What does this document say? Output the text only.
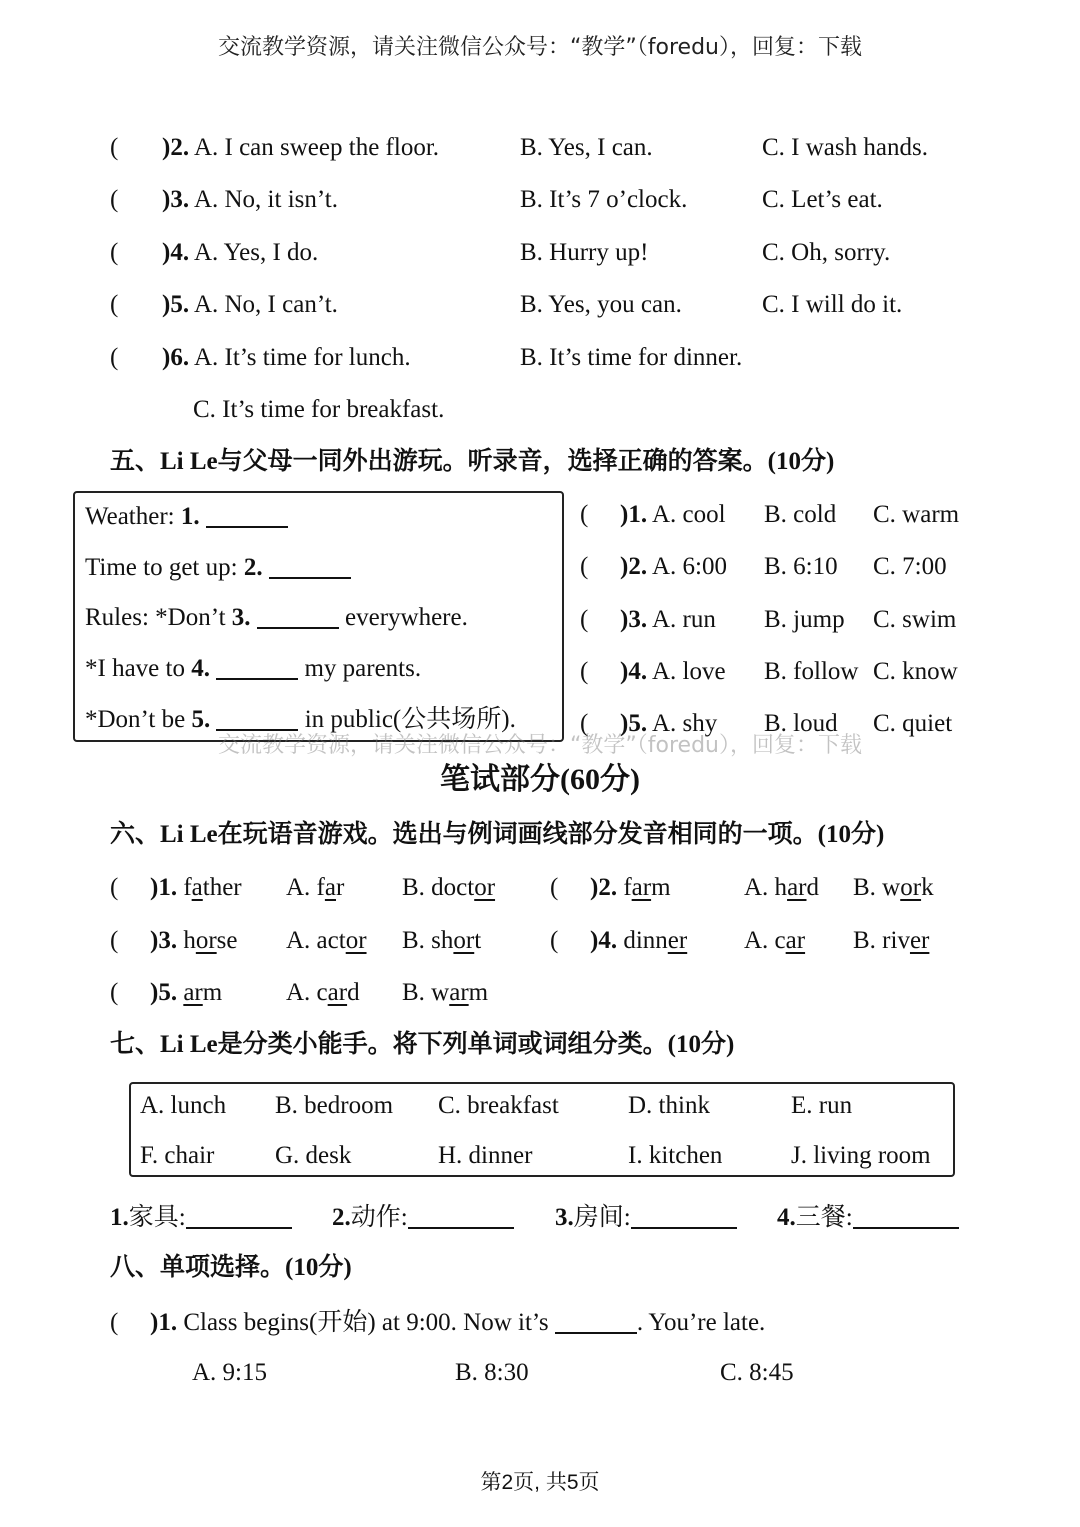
交流教学资源，请关注微信公众号：“教学”（foredu），回复：下载
( )2. A. I can sweep the floor.	B. Yes, I can.	C. I wash hands.
( )3. A. No, it isn’t.	B. It’s 7 o’clock.	C. Let’s eat.
( )4. A. Yes, I do.	B. Hurry up!	C. Oh, sorry.
( )5. A. No, I can’t.	B. Yes, you can.	C. I will do it.
( )6. A. It’s time for lunch.	B. It’s time for dinner.
C. It’s time for breakfast.
五、Li Le与父母一同外出游玩。听录音，选择正确的答案。(10分)
Weather: 1.
Time to get up: 2.
Rules: *Don’t 3.	everywhere.
*I have to 4.	my parents.
*Don’t be 5.	in public(公共场所).
( )1. A. cool B. cold C. warm
( )2. A. 6:00 B. 6:10 C. 7:00
( )3. A. run B. jump C. swim
( )4. A. love B. follow C. know
( )5. A. shy B. loud C. quiet
交流教学资源，请关注微信公众号：“教学”（foredu），回复：下载
笔试部分(60分)
六、Li Le在玩语音游戏。选出与例词画线部分发音相同的一项。(10分)
( )1. father A. far B. doctor ( )2. farm	A. hard B. work
( )3. horse A. actor B. short	( )4. dinner A. car B. river
( )5. arm	A. card B. warm
七、Li Le是分类小能手。将下列单词或词组分类。(10分)
A. lunch B. bedroom C. breakfast	D. think	E. run
F. chair G. desk	H. dinner	I. kitchen	J. living room
1.家具:	2.动作:	3.房间:	4.三餐:
八、单项选择。(10分)
( )1. Class begins(开始) at 9:00. Now it’s	. You’re late.
A. 9:15	B. 8:30	C. 8:45
第2页, 共5页
